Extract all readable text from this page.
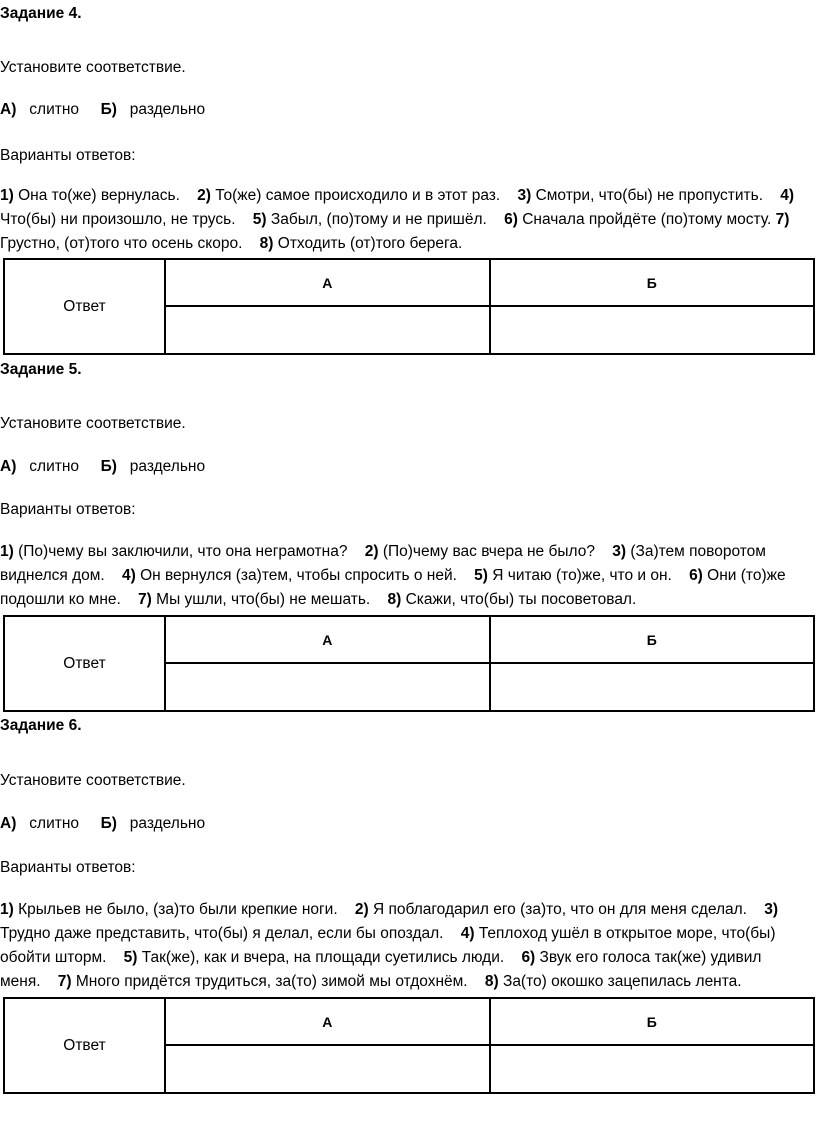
Задание 4.
Установите соответствие.
А) слитно Б) раздельно
Варианты ответов:
1) Она то(же) вернулась. 2) То(же) самое происходило и в этот раз. 3) Смотри, что(бы) не пропустить. 4) Что(бы) ни произошло, не трусь. 5) Забыл, (по)тому и не пришёл. 6) Сначала пройдёте (по)тому мосту. 7) Грустно, (от)того что осень скоро. 8) Отходить (от)того берега.
Ответ	А	Б

Задание 5.
Установите соответствие.
А) слитно Б) раздельно
Варианты ответов:
1) (По)чему вы заключили, что она неграмотна? 2) (По)чему вас вчера не было? 3) (За)тем поворотом виднелся дом. 4) Он вернулся (за)тем, чтобы спросить о ней. 5) Я читаю (то)же, что и он. 6) Они (то)же подошли ко мне. 7) Мы ушли, что(бы) не мешать. 8) Скажи, что(бы) ты посоветовал.
Ответ	А	Б

Задание 6.
Установите соответствие.
А) слитно Б) раздельно
Варианты ответов:
1) Крыльев не было, (за)то были крепкие ноги. 2) Я поблагодарил его (за)то, что он для меня сделал. 3) Трудно даже представить, что(бы) я делал, если бы опоздал. 4) Теплоход ушёл в открытое море, что(бы) обойти шторм. 5) Так(же), как и вчера, на площади суетились люди. 6) Звук его голоса так(же) удивил меня. 7) Много придётся трудиться, за(то) зимой мы отдохнём. 8) За(то) окошко зацепилась лента.
Ответ	А	Б
